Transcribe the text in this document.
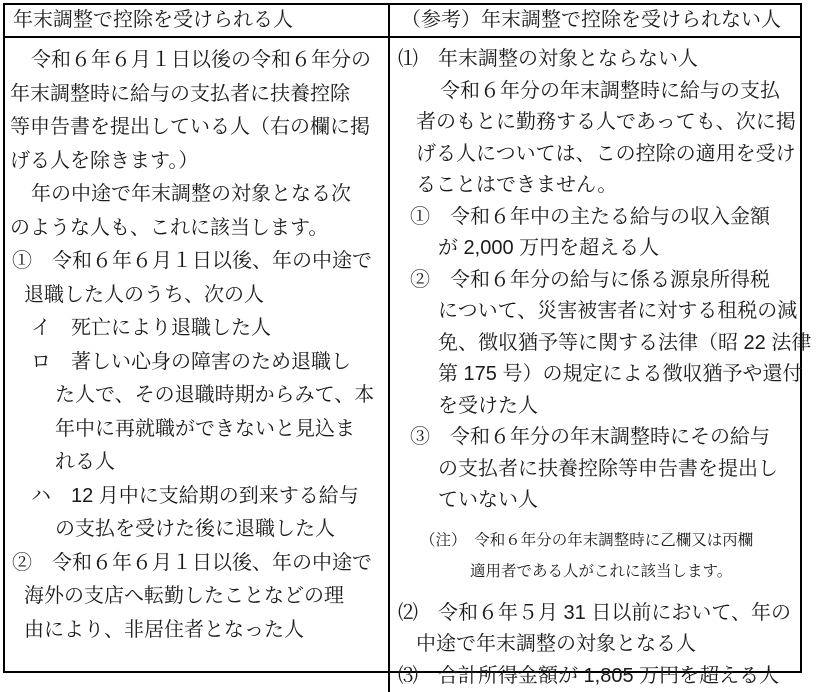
年末調整で控除を受けられる人	（参考）年末調整で控除を受けられない人
令和６年６月１日以後の令和６年分の
年末調整時に給与の支払者に扶養控除
等申告書を提出している人（右の欄に掲
げる人を除きます。）
年の中途で年末調整の対象となる次
のような人も、これに該当します。
①　令和６年６月１日以後、年の中途で
退職した人のうち、次の人
イ　死亡により退職した人
ロ　著しい心身の障害のため退職し
た人で、その退職時期からみて、本
年中に再就職ができないと見込ま
れる人
ハ　12 月中に支給期の到来する給与
の支払を受けた後に退職した人
②　令和６年６月１日以後、年の中途で
海外の支店へ転勤したことなどの理
由により、非居住者となった人
⑴　年末調整の対象とならない人
令和６年分の年末調整時に給与の支払
者のもとに勤務する人であっても、次に掲
げる人については、この控除の適用を受け
ることはできません。
①　令和６年中の主たる給与の収入金額
が 2,000 万円を超える人
②　令和６年分の給与に係る源泉所得税
について、災害被害者に対する租税の減
免、徴収猶予等に関する法律（昭 22 法律
第 175 号）の規定による徴収猶予や還付
を受けた人
③　令和６年分の年末調整時にその給与
の支払者に扶養控除等申告書を提出し
ていない人
（注）　令和６年分の年末調整時に乙欄又は丙欄
適用者である人がこれに該当します。
⑵　令和６年５月 31 日以前において、年の
中途で年末調整の対象となる人
⑶　合計所得金額が 1,805 万円を超える人
